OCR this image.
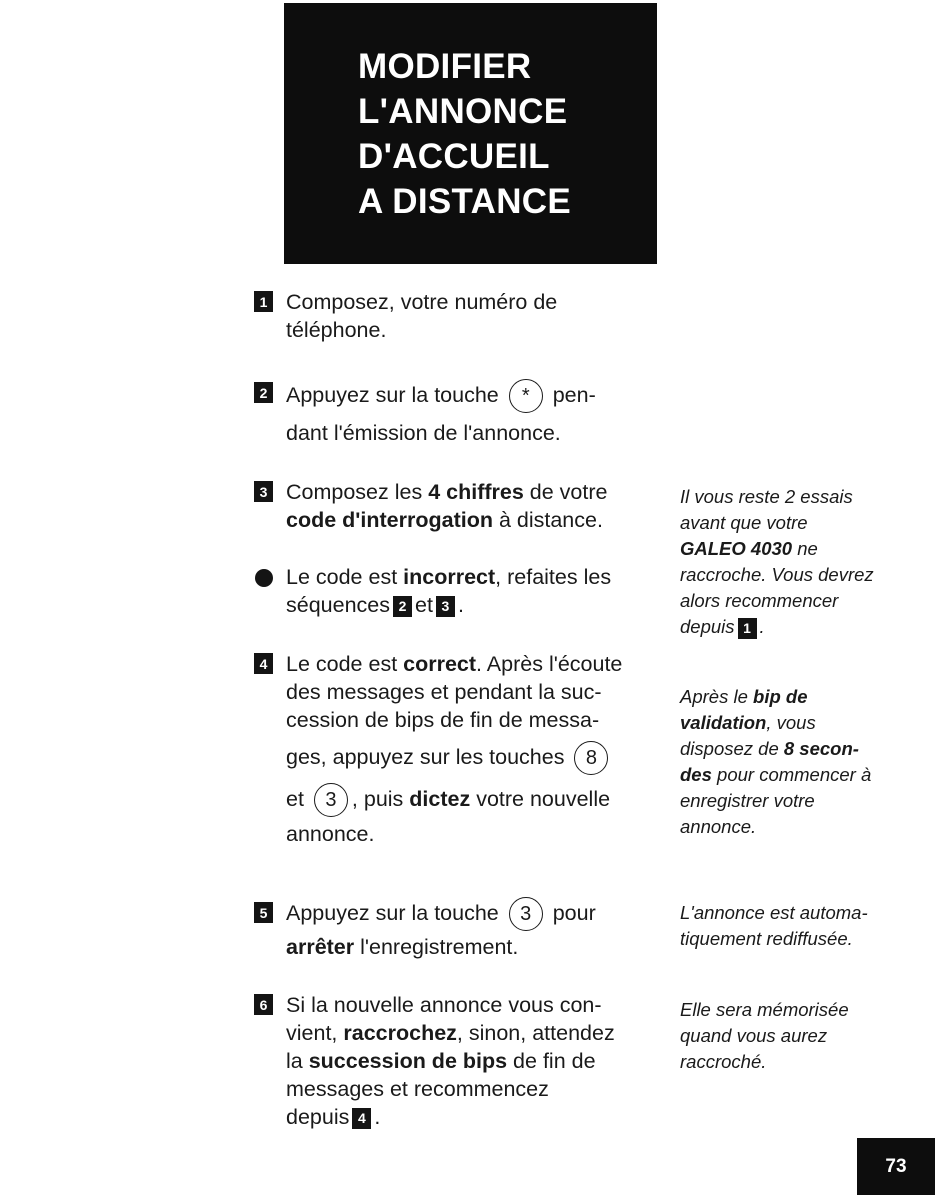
MODIFIER
L'ANNONCE
D'ACCUEIL
A DISTANCE
1 Composez, votre numéro de
téléphone.
2 Appuyez sur la touche * pen-
dant l'émission de l'annonce.
3 Composez les 4 chiffres de votre
code d'interrogation à distance.
Le code est incorrect, refaites les
séquences 2 et 3 .
4 Le code est correct. Après l'écoute
des messages et pendant la suc-
cession de bips de fin de messa-
ges, appuyez sur les touches 8
et 3 , puis dictez votre nouvelle
annonce.
5 Appuyez sur la touche 3 pour
arrêter l'enregistrement.
6 Si la nouvelle annonce vous con-
vient, raccrochez, sinon, attendez
la succession de bips de fin de
messages et recommencez
depuis 4 .
Il vous reste 2 essais
avant que votre
GALEO 4030 ne
raccroche. Vous devrez
alors recommencer
depuis 1 .
Après le bip de
validation, vous
disposez de 8 secon-
des pour commencer à
enregistrer votre
annonce.
L'annonce est automa-
tiquement rediffusée.
Elle sera mémorisée
quand vous aurez
raccroché.
73
